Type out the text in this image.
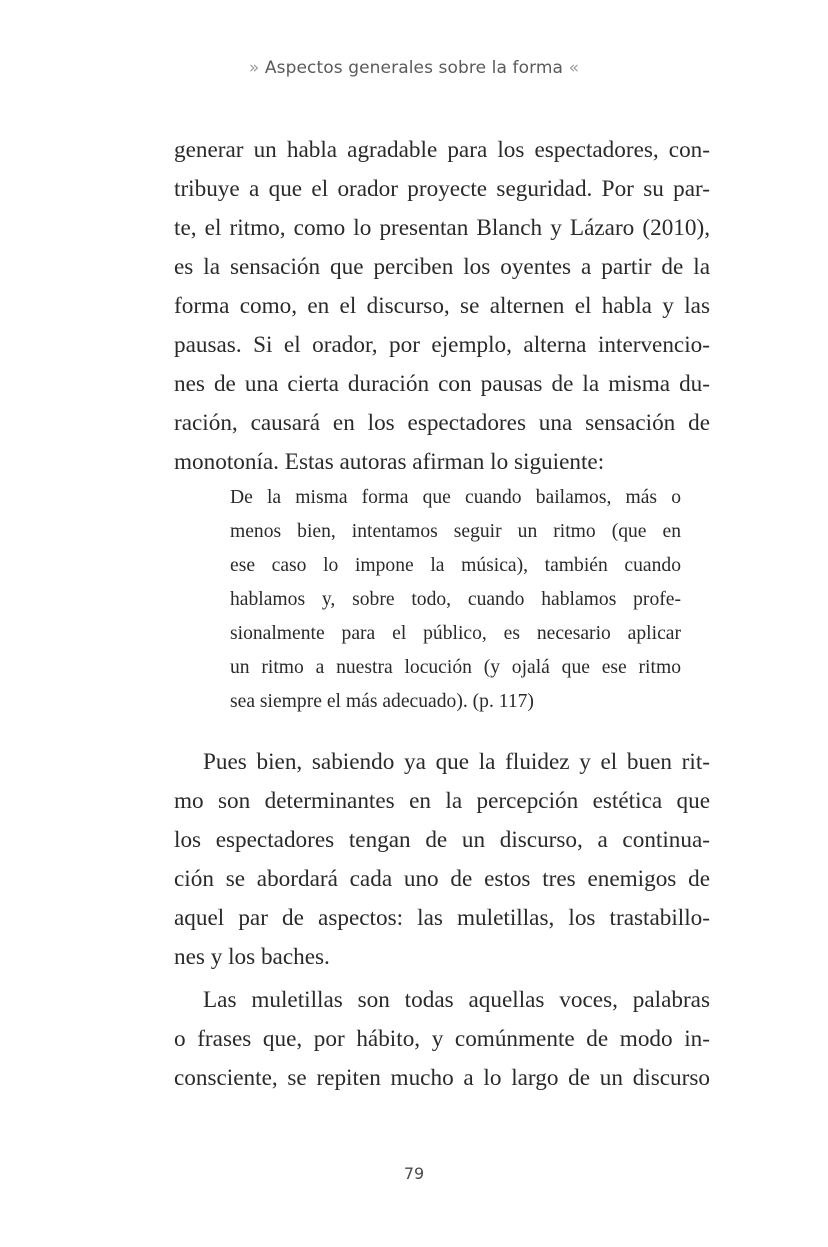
» Aspectos generales sobre la forma «

generar un habla agradable para los espectadores, con-
tribuye a que el orador proyecte seguridad. Por su par-
te, el ritmo, como lo presentan Blanch y Lázaro (2010),
es la sensación que perciben los oyentes a partir de la
forma como, en el discurso, se alternen el habla y las
pausas. Si el orador, por ejemplo, alterna intervencio-
nes de una cierta duración con pausas de la misma du-
ración, causará en los espectadores una sensación de
monotonía. Estas autoras afirman lo siguiente:

De la misma forma que cuando bailamos, más o
menos bien, intentamos seguir un ritmo (que en
ese caso lo impone la música), también cuando
hablamos y, sobre todo, cuando hablamos profe-
sionalmente para el público, es necesario aplicar
un ritmo a nuestra locución (y ojalá que ese ritmo
sea siempre el más adecuado). (p. 117)

Pues bien, sabiendo ya que la fluidez y el buen rit-
mo son determinantes en la percepción estética que
los espectadores tengan de un discurso, a continua-
ción se abordará cada uno de estos tres enemigos de
aquel par de aspectos: las muletillas, los trastabillo-
nes y los baches.

Las muletillas son todas aquellas voces, palabras
o frases que, por hábito, y comúnmente de modo in-
consciente, se repiten mucho a lo largo de un discurso

79
